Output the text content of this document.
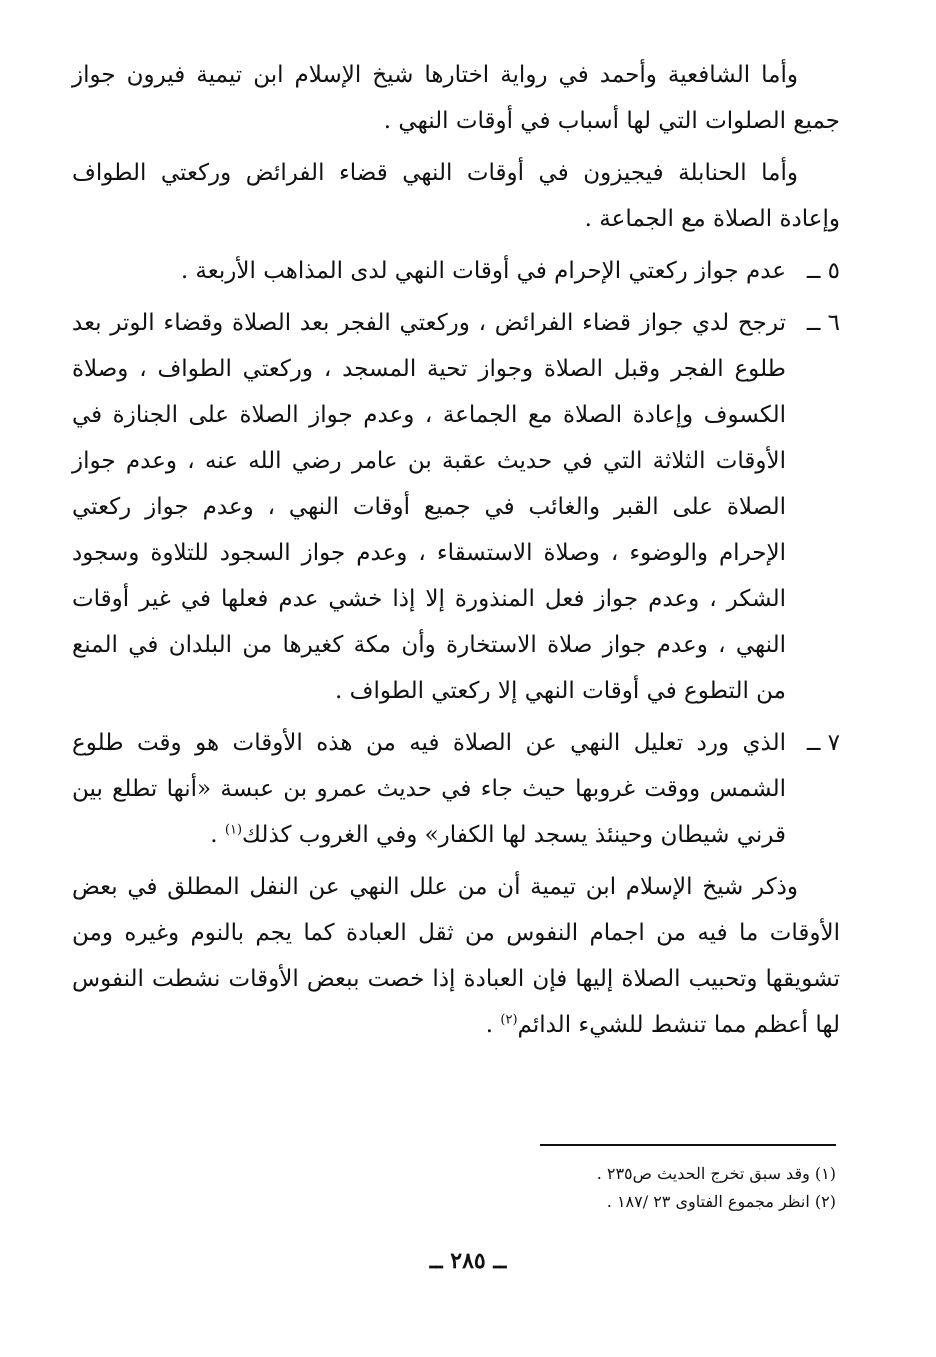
وأما الشافعية وأحمد في رواية اختارها شيخ الإسلام ابن تيمية فيرون جواز جميع الصلوات التي لها أسباب في أوقات النهي .

وأما الحنابلة فيجيزون في أوقات النهي قضاء الفرائض وركعتي الطواف وإعادة الصلاة مع الجماعة .

٥ ــ
عدم جواز ركعتي الإحرام في أوقات النهي لدى المذاهب الأربعة .
٦ ــ
ترجح لدي جواز قضاء الفرائض ، وركعتي الفجر بعد الصلاة وقضاء الوتر بعد طلوع الفجر وقبل الصلاة وجواز تحية المسجد ، وركعتي الطواف ، وصلاة الكسوف وإعادة الصلاة مع الجماعة ، وعدم جواز الصلاة على الجنازة في الأوقات الثلاثة التي في حديث عقبة بن عامر رضي الله عنه ، وعدم جواز الصلاة على القبر والغائب في جميع أوقات النهي ، وعدم جواز ركعتي الإحرام والوضوء ، وصلاة الاستسقاء ، وعدم جواز السجود للتلاوة وسجود الشكر ، وعدم جواز فعل المنذورة إلا إذا خشي عدم فعلها في غير أوقات النهي ، وعدم جواز صلاة الاستخارة وأن مكة كغيرها من البلدان في المنع من التطوع في أوقات النهي إلا ركعتي الطواف .
٧ ــ
الذي ورد تعليل النهي عن الصلاة فيه من هذه الأوقات هو وقت طلوع الشمس ووقت غروبها حيث جاء في حديث عمرو بن عبسة «أنها تطلع بين قرني شيطان وحينئذ يسجد لها الكفار» وفي الغروب كذلك$^{(١)}$ .

وذكر شيخ الإسلام ابن تيمية أن من علل النهي عن النفل المطلق في بعض الأوقات ما فيه من اجمام النفوس من ثقل العبادة كما يجم بالنوم وغيره ومن تشويقها وتحبيب الصلاة إليها فإن العبادة إذا خصت ببعض الأوقات نشطت النفوس لها أعظم مما تنشط للشيء الدائم$^{(٢)}$ .

(١) وقد سبق تخرج الحديث ص٢٣٥ .

(٢) انظر مجموع الفتاوى ٢٣ /١٨٧ .

ــ ٢٨٥ ــ
